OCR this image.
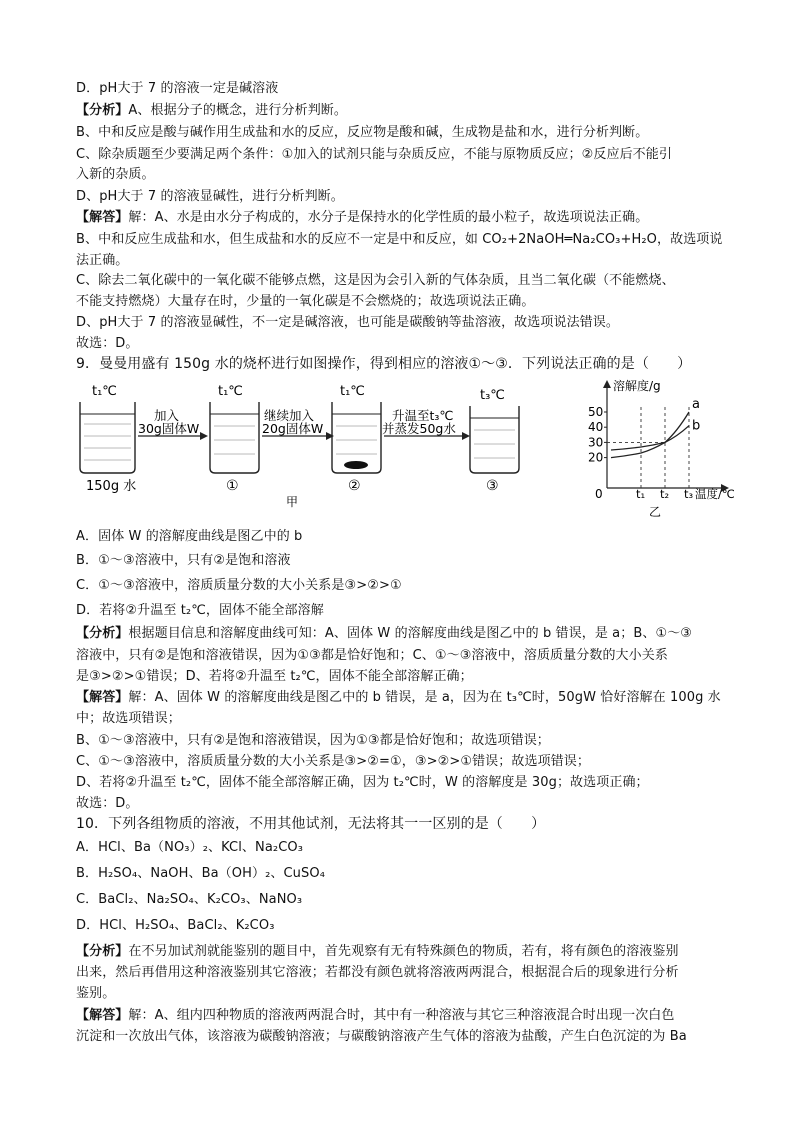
D．pH大于 7 的溶液一定是碱溶液
【分析】A、根据分子的概念，进行分析判断。
B、中和反应是酸与碱作用生成盐和水的反应，反应物是酸和碱，生成物是盐和水，进行分析判断。
C、除杂质题至少要满足两个条件：①加入的试剂只能与杂质反应，不能与原物质反应；②反应后不能引
入新的杂质。
D、pH大于 7 的溶液显碱性，进行分析判断。
【解答】解：A、水是由水分子构成的，水分子是保持水的化学性质的最小粒子，故选项说法正确。
B、中和反应生成盐和水，但生成盐和水的反应不一定是中和反应，如 CO₂+2NaOH═Na₂CO₃+H₂O，故选项说
法正确。
C、除去二氧化碳中的一氧化碳不能够点燃，这是因为会引入新的气体杂质，且当二氧化碳（不能燃烧、
不能支持燃烧）大量存在时，少量的一氧化碳是不会燃烧的；故选项说法正确。
D、pH大于 7 的溶液显碱性，不一定是碱溶液，也可能是碳酸钠等盐溶液，故选项说法错误。
故选：D。
9．曼曼用盛有 150g 水的烧杯进行如图操作，得到相应的溶液①～③．下列说法正确的是（　　）
t₁℃
150g 水
加入
30g固体W
t₁℃
①
继续加入
20g固体W
t₁℃
②
升温至t₃℃
并蒸发50g水
t₃℃
③
甲
溶解度/g
温度/℃
0
乙
20
30
40
50
t₁ t₂ t₃
a
b
A．固体 W 的溶解度曲线是图乙中的 b
B．①～③溶液中，只有②是饱和溶液
C．①～③溶液中，溶质质量分数的大小关系是③>②>①
D．若将②升温至 t₂℃，固体不能全部溶解
【分析】根据题目信息和溶解度曲线可知：A、固体 W 的溶解度曲线是图乙中的 b 错误，是 a；B、①～③
溶液中，只有②是饱和溶液错误，因为①③都是恰好饱和；C、①～③溶液中，溶质质量分数的大小关系
是③>②>①错误；D、若将②升温至 t₂℃，固体不能全部溶解正确；
【解答】解：A、固体 W 的溶解度曲线是图乙中的 b 错误，是 a，因为在 t₃℃时，50gW 恰好溶解在 100g 水
中；故选项错误；
B、①～③溶液中，只有②是饱和溶液错误，因为①③都是恰好饱和；故选项错误；
C、①～③溶液中，溶质质量分数的大小关系是③>②=①，③>②>①错误；故选项错误；
D、若将②升温至 t₂℃，固体不能全部溶解正确，因为 t₂℃时，W 的溶解度是 30g；故选项正确；
故选：D。
10．下列各组物质的溶液，不用其他试剂，无法将其一一区别的是（　　）
A．HCl、Ba（NO₃）₂、KCl、Na₂CO₃
B．H₂SO₄、NaOH、Ba（OH）₂、CuSO₄
C．BaCl₂、Na₂SO₄、K₂CO₃、NaNO₃
D．HCl、H₂SO₄、BaCl₂、K₂CO₃
【分析】在不另加试剂就能鉴别的题目中，首先观察有无有特殊颜色的物质，若有，将有颜色的溶液鉴别
出来，然后再借用这种溶液鉴别其它溶液；若都没有颜色就将溶液两两混合，根据混合后的现象进行分析
鉴别。
【解答】解：A、组内四种物质的溶液两两混合时，其中有一种溶液与其它三种溶液混合时出现一次白色
沉淀和一次放出气体，该溶液为碳酸钠溶液；与碳酸钠溶液产生气体的溶液为盐酸，产生白色沉淀的为 Ba
